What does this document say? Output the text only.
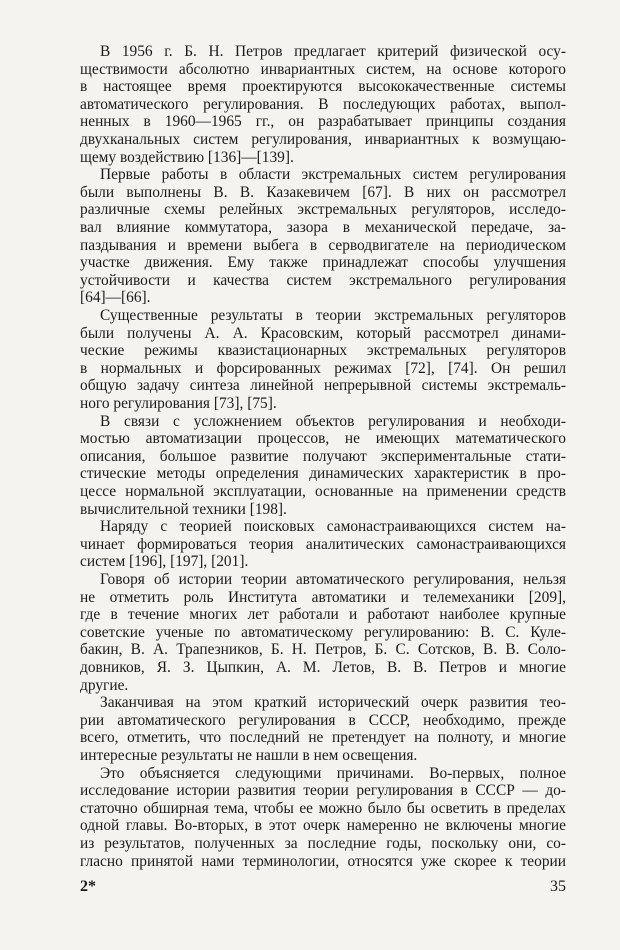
В 1956 г. Б. Н. Петров предлагает критерий физической осу-
ществимости абсолютно инвариантных систем, на основе которого
в настоящее время проектируются высококачественные системы
автоматического регулирования. В последующих работах, выпол-
ненных в 1960—1965 гг., он разрабатывает принципы создания
двухканальных систем регулирования, инвариантных к возмущаю-
щему воздействию [136]—[139].
Первые работы в области экстремальных систем регулирования
были выполнены В. В. Казакевичем [67]. В них он рассмотрел
различные схемы релейных экстремальных регуляторов, исследо-
вал влияние коммутатора, зазора в механической передаче, за-
паздывания и времени выбега в серводвигателе на периодическом
участке движения. Ему также принадлежат способы улучшения
устойчивости и качества систем экстремального регулирования
[64]—[66].
Существенные результаты в теории экстремальных регуляторов
были получены А. А. Красовским, который рассмотрел динами-
ческие режимы квазистационарных экстремальных регуляторов
в нормальных и форсированных режимах [72], [74]. Он решил
общую задачу синтеза линейной непрерывной системы экстремаль-
ного регулирования [73], [75].
В связи с усложнением объектов регулирования и необходи-
мостью автоматизации процессов, не имеющих математического
описания, большое развитие получают экспериментальные стати-
стические методы определения динамических характеристик в про-
цессе нормальной эксплуатации, основанные на применении средств
вычислительной техники [198].
Наряду с теорией поисковых самонастраивающихся систем на-
чинает формироваться теория аналитических самонастраивающихся
систем [196], [197], [201].
Говоря об истории теории автоматического регулирования, нельзя
не отметить роль Института автоматики и телемеханики [209],
где в течение многих лет работали и работают наиболее крупные
советские ученые по автоматическому регулированию: В. С. Куле-
бакин, В. А. Трапезников, Б. Н. Петров, Б. С. Сотсков, В. В. Соло-
довников, Я. З. Цыпкин, А. М. Летов, В. В. Петров и многие
другие.
Заканчивая на этом краткий исторический очерк развития тео-
рии автоматического регулирования в СССР, необходимо, прежде
всего, отметить, что последний не претендует на полноту, и многие
интересные результаты не нашли в нем освещения.
Это объясняется следующими причинами. Во-первых, полное
исследование истории развития теории регулирования в СССР — до-
статочно обширная тема, чтобы ее можно было бы осветить в пределах
одной главы. Во-вторых, в этот очерк намеренно не включены многие
из результатов, полученных за последние годы, поскольку они, со-
гласно принятой нами терминологии, относятся уже скорее к теории
2*	35
